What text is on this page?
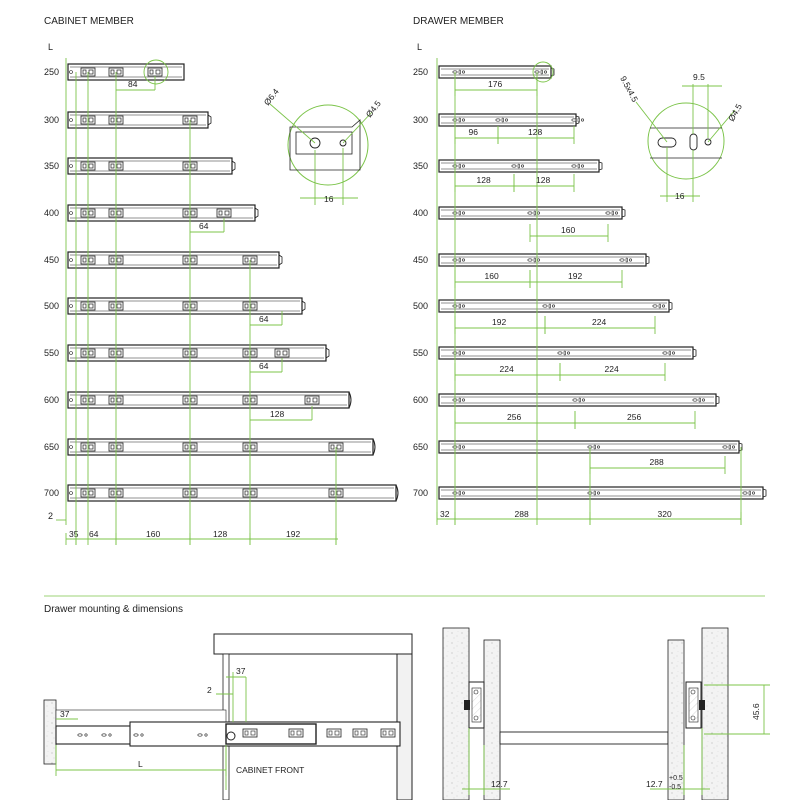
CABINET MEMBER
L
250
300
350
400
450
500
550
600
650
700
84
64
64
64
128
35 64	160	128	192
2
Ø6.4
Ø4.5
16
DRAWER MEMBER
L
250
300
350
400
450
500
550
600
650
700
176
96	128
128	128
160
160	192
192	224
224	224
256	256
288
32	288	320
9.5x4.5	9.5
Ø4.5
16
Drawer mounting & dimensions
37
2
37
L
CABINET FRONT
12.7	12.7
+0.5
-0.5
45.6
